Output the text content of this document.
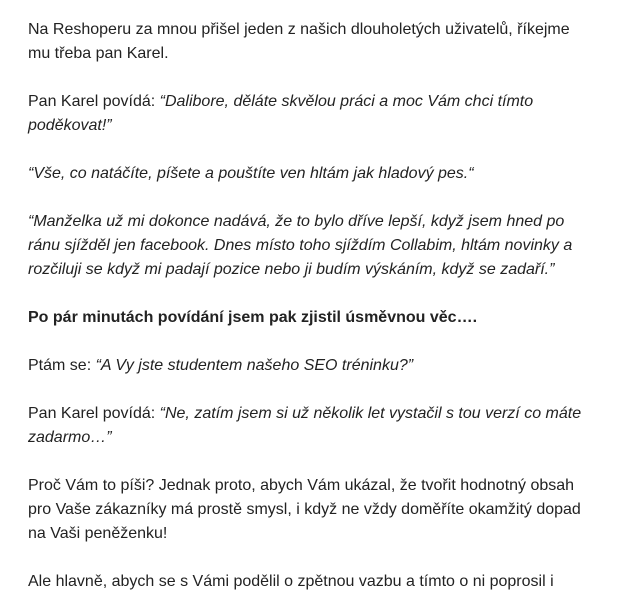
Na Reshoperu za mnou přišel jeden z našich dlouholetých uživatelů, říkejme mu třeba pan Karel.

Pan Karel povídá: “Dalibore, děláte skvělou práci a moc Vám chci tímto poděkovat!”

“Vše, co natáčíte, píšete a pouštíte ven hltám jak hladový pes.“

“Manželka už mi dokonce nadává, že to bylo dříve lepší, když jsem hned po ránu sjížděl jen facebook. Dnes místo toho sjíždím Collabim, hltám novinky a rozčiluji se když mi padají pozice nebo ji budím výskáním, když se zadaří.”

Po pár minutách povídání jsem pak zjistil úsměvnou věc….

Ptám se: “A Vy jste studentem našeho SEO tréninku?”

Pan Karel povídá: “Ne, zatím jsem si už několik let vystačil s tou verzí co máte zadarmo…”

Proč Vám to píši? Jednak proto, abych Vám ukázal, že tvořit hodnotný obsah pro Vaše zákazníky má prostě smysl, i když ne vždy doměříte okamžitý dopad na Vaši peněženku!

Ale hlavně, abych se s Vámi podělil o zpětnou vazbu a tímto o ni poprosil i
